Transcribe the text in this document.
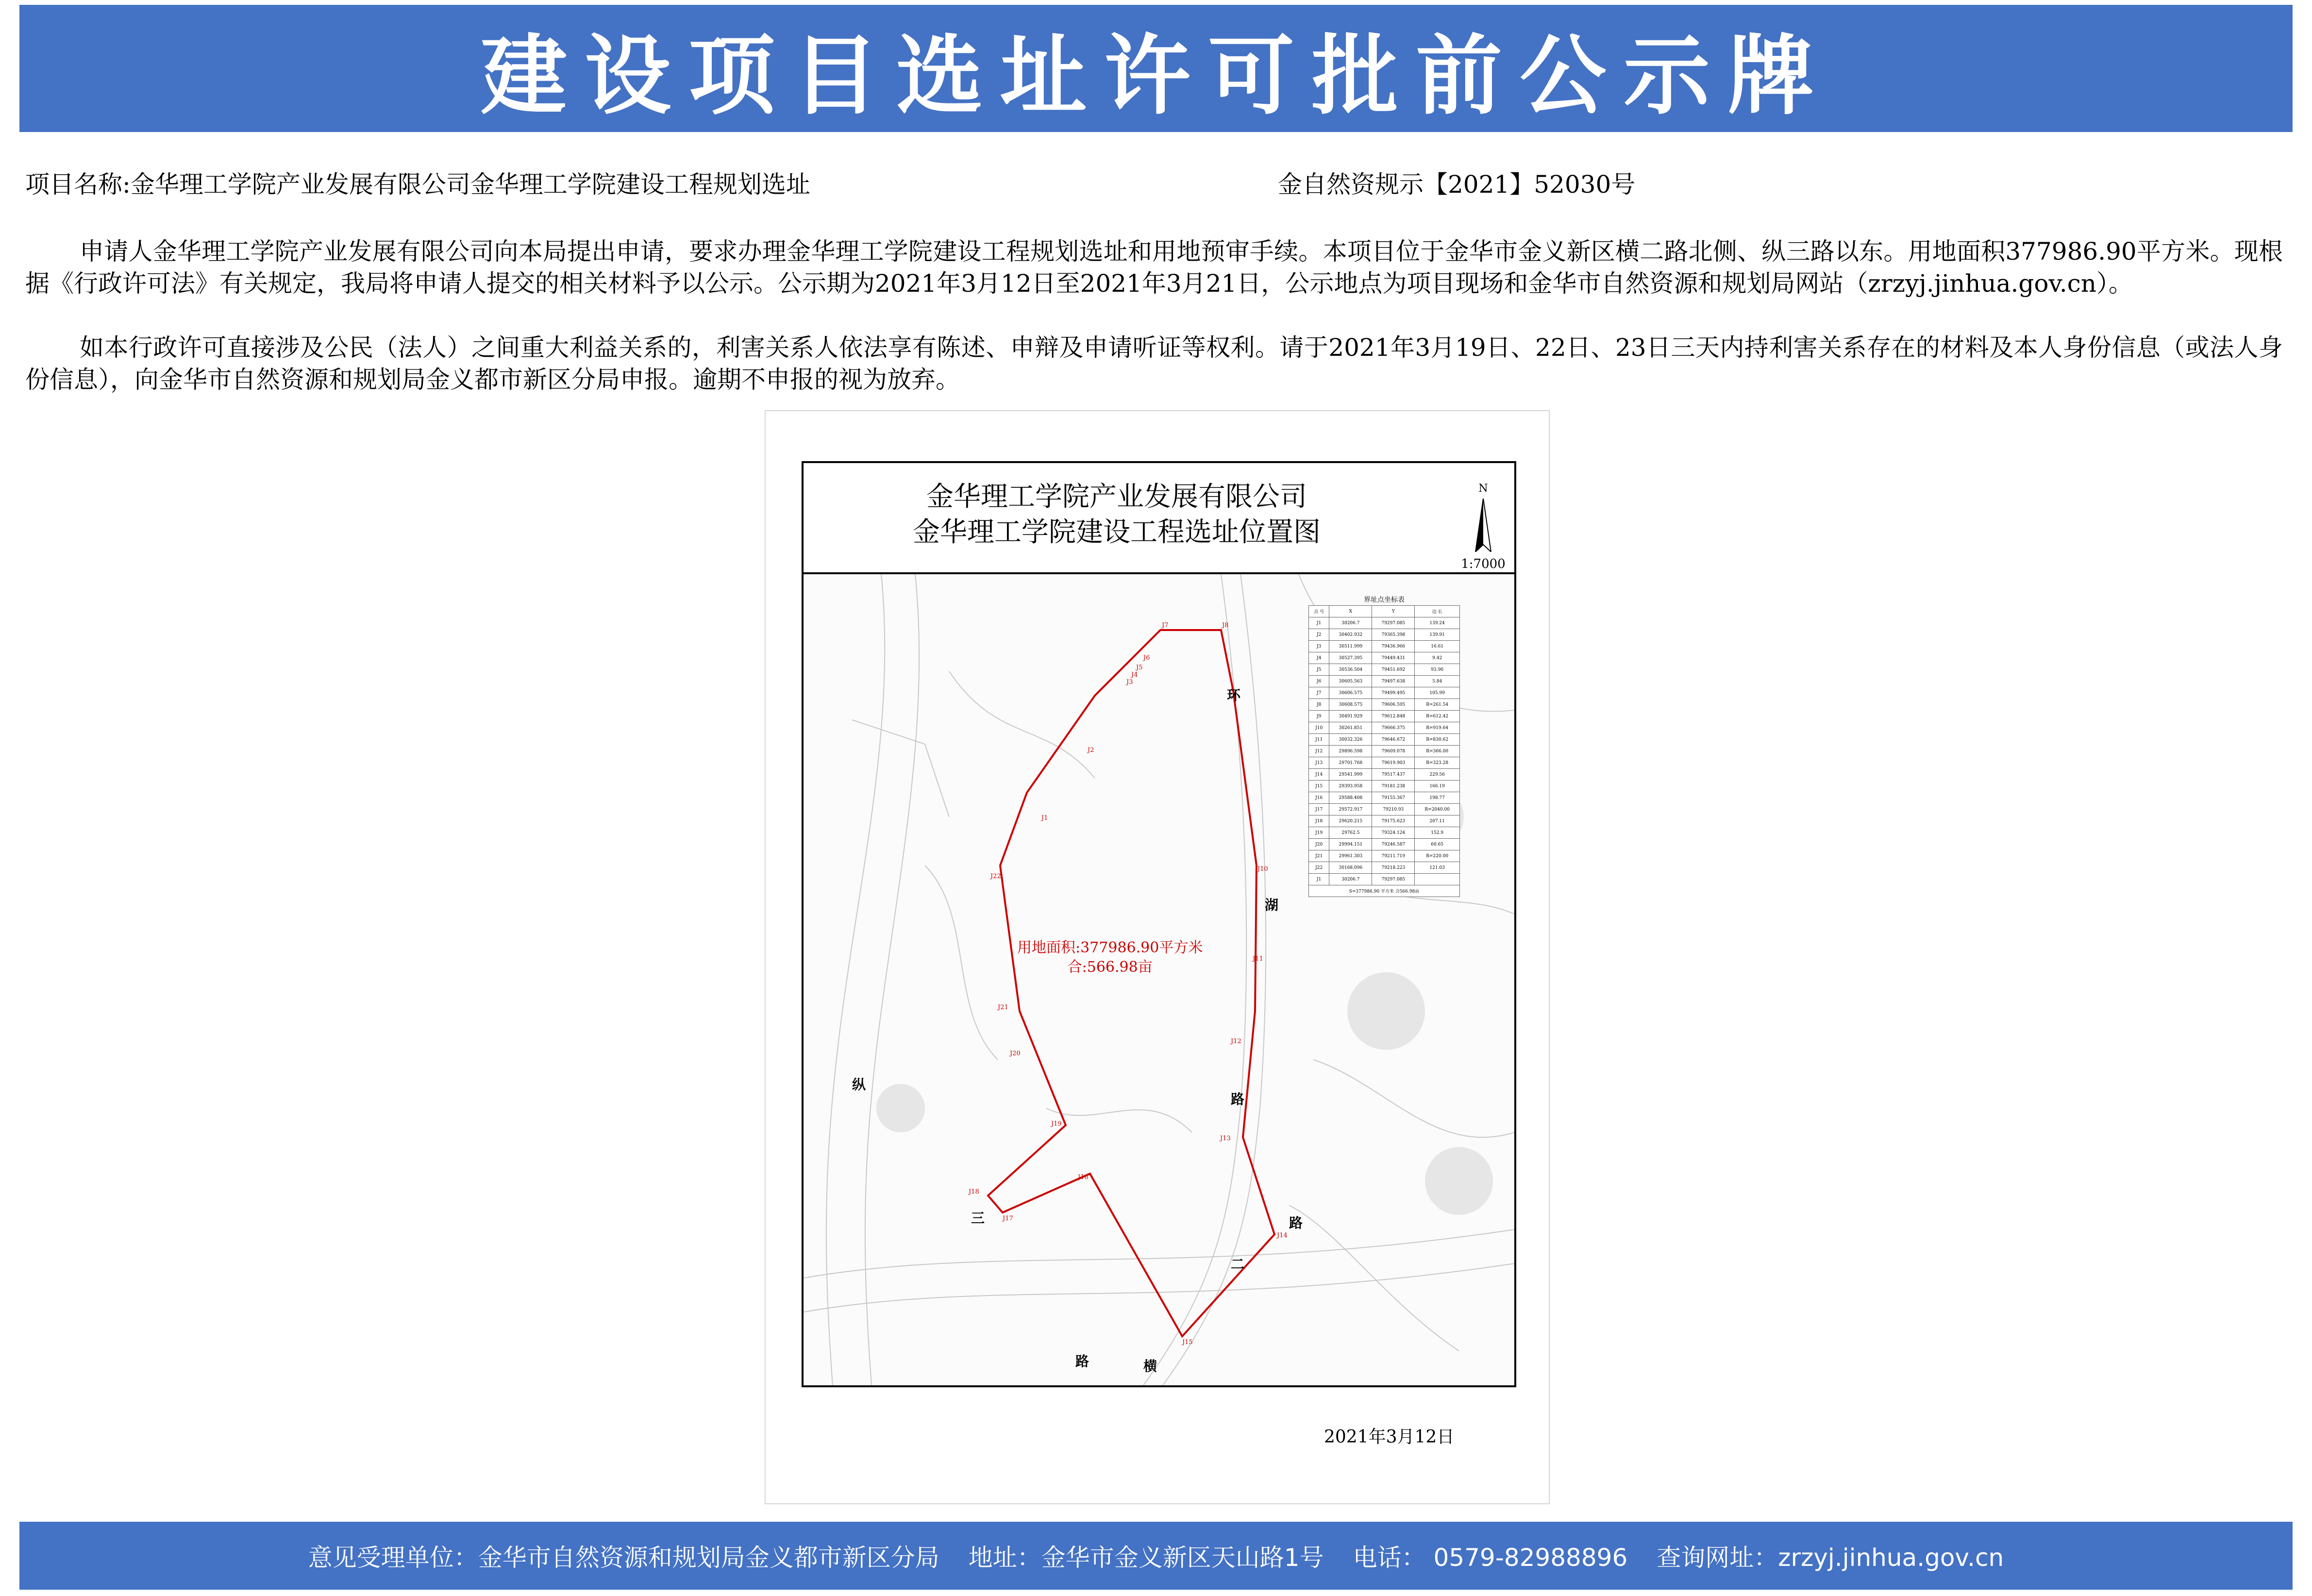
建设项目选址许可批前公示牌
项目名称:金华理工学院产业发展有限公司金华理工学院建设工程规划选址	金自然资规示【2021】52030号
申请人金华理工学院产业发展有限公司向本局提出申请，要求办理金华理工学院建设工程规划选址和用地预审手续。本项目位于金华市金义新区横二路北侧、纵三路以东。用地面积377986.90平方米。现根据《行政许可法》有关规定，我局将申请人提交的相关材料予以公示。公示期为2021年3月12日至2021年3月21日，公示地点为项目现场和金华市自然资源和规划局网站（zrzyj.jinhua.gov.cn）。
如本行政许可直接涉及公民（法人）之间重大利益关系的，利害关系人依法享有陈述、申辩及申请听证等权利。请于2021年3月19日、22日、23日三天内持利害关系存在的材料及本人身份信息（或法人身份信息），向金华市自然资源和规划局金义都市新区分局申报。逾期不申报的视为放弃。
金华理工学院产业发展有限公司
金华理工学院建设工程选址位置图
N
1:7000
界址点坐标表
点 号	X	Y	边 长
J1	30206.7	79297.085	139.24
J2	30402.932	79365.398	139.91
J3	30511.999	79436.966	16.61
J4	30527.395	79449.431	9.42
J5	30536.504	79451.692	93.90
J6	30605.563	79497.638	5.84
J7	30606.575	79499.495	105.99
J8	30608.575	79606.595	R=261.54
J9	30491.929	79612.848	R=612.42
J10	30261.851	79666.375	R=919.64
J11	30032.326	79646.672	R=830.62
J12	29896.598	79609.078	R=366.00
J13	29701.768	79619.903	R=323.28
J14	29541.999	79517.437	229.56
J15	29393.958	79181.238	166.19
J16	29588.408	79155.367	198.77
J17	29572.917	79210.93	R=2040.00
J18	29620.215	79175.623	207.11
J19	29762.5	79324.124	152.9
J20	29994.151	79246.587	60.65
J21	29961.303	79211.719	R=220.00
J22	30168.096	79218.223	121.03
J1	30206.7	79297.085	
S=377986.90 平方米 合566.98亩			
用地面积:377986.90平方米
合:566.98亩
环
湖
路
路
纵
三
二
路	横
J7	J8
J10
J11
J12
J13
J14
J15
J16
J17
J18
J19
J20
J21
J22
J1
J2
J3
J4
J5
J6
2021年3月12日
意见受理单位：金华市自然资源和规划局金义都市新区分局 地址：金华市金义新区天山路1号 电话： 0579-82988896 查询网址：zrzyj.jinhua.gov.cn
